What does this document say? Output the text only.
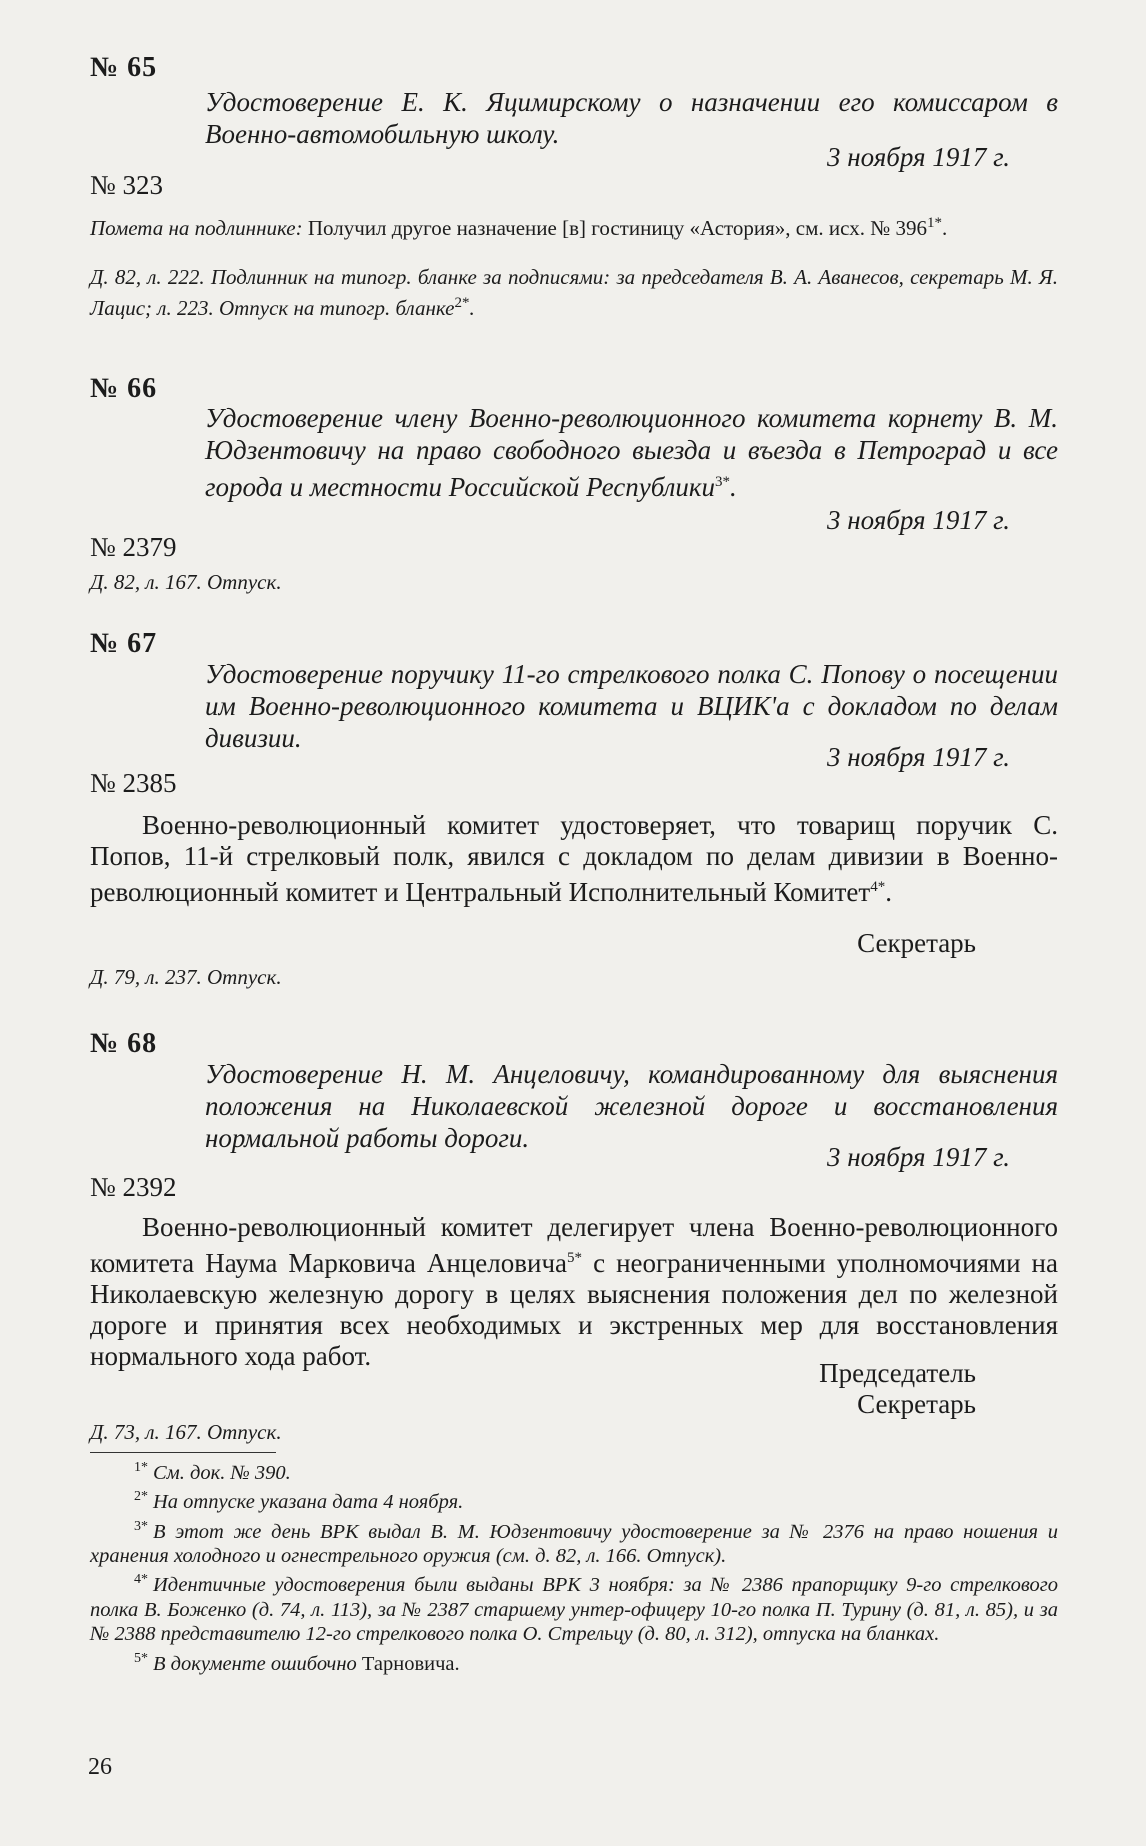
№ 65
Удостоверение Е. К. Яцимирскому о назначении его комиссаром в Военно-автомобильную школу.
3 ноября 1917 г.
№ 323
Помета на подлиннике: Получил другое назначение [в] гостиницу «Астория», см. исх. № $396^{1*}$.
Д. 82, л. 222. Подлинник на типогр. бланке за подписями: за председателя В. А. Аванесов, секретарь М. Я. Лацис; л. 223. Отпуск на типогр. бланке$^{2*}$.
№ 66
Удостоверение члену Военно-революционного комитета корнету В. М. Юдзентовичу на право свободного выезда и въезда в Петроград и все города и местности Российской Республики$^{3*}$.
3 ноября 1917 г.
№ 2379
Д. 82, л. 167. Отпуск.
№ 67
Удостоверение поручику 11-го стрелкового полка С. Попову о посещении им Военно-революционного комитета и ВЦИК'а с докладом по делам дивизии.
3 ноября 1917 г.
№ 2385
Военно-революционный комитет удостоверяет, что товарищ поручик С. Попов, 11-й стрелковый полк, явился с докладом по делам дивизии в Военно-революционный комитет и Центральный Исполнительный Комитет$^{4*}$.
Секретарь
Д. 79, л. 237. Отпуск.
№ 68
Удостоверение Н. М. Анцеловичу, командированному для выяснения положения на Николаевской железной дороге и восстановления нормальной работы дороги.
3 ноября 1917 г.
№ 2392
Военно-революционный комитет делегирует члена Военно-революционного комитета Наума Марковича Анцеловича$^{5*}$ с неограниченными уполномочиями на Николаевскую железную дорогу в целях выяснения положения дел по железной дороге и принятия всех необходимых и экстренных мер для восстановления нормального хода работ.
Председатель
Секретарь
Д. 73, л. 167. Отпуск.

$^{1*}$ См. док. № 390.

$^{2*}$ На отпуске указана дата 4 ноября.

$^{3*}$ В этот же день ВРК выдал В. М. Юдзентовичу удостоверение за № 2376 на право ношения и хранения холодного и огнестрельного оружия (см. д. 82, л. 166. Отпуск).

$^{4*}$ Идентичные удостоверения были выданы ВРК 3 ноября: за № 2386 прапорщику 9-го стрелкового полка В. Боженко (д. 74, л. 113), за № 2387 старшему унтер-офицеру 10-го полка П. Турину (д. 81, л. 85), и за № 2388 представителю 12-го стрелкового полка О. Стрельцу (д. 80, л. 312), отпуска на бланках.

$^{5*}$ В документе ошибочно Тарновича.

26
